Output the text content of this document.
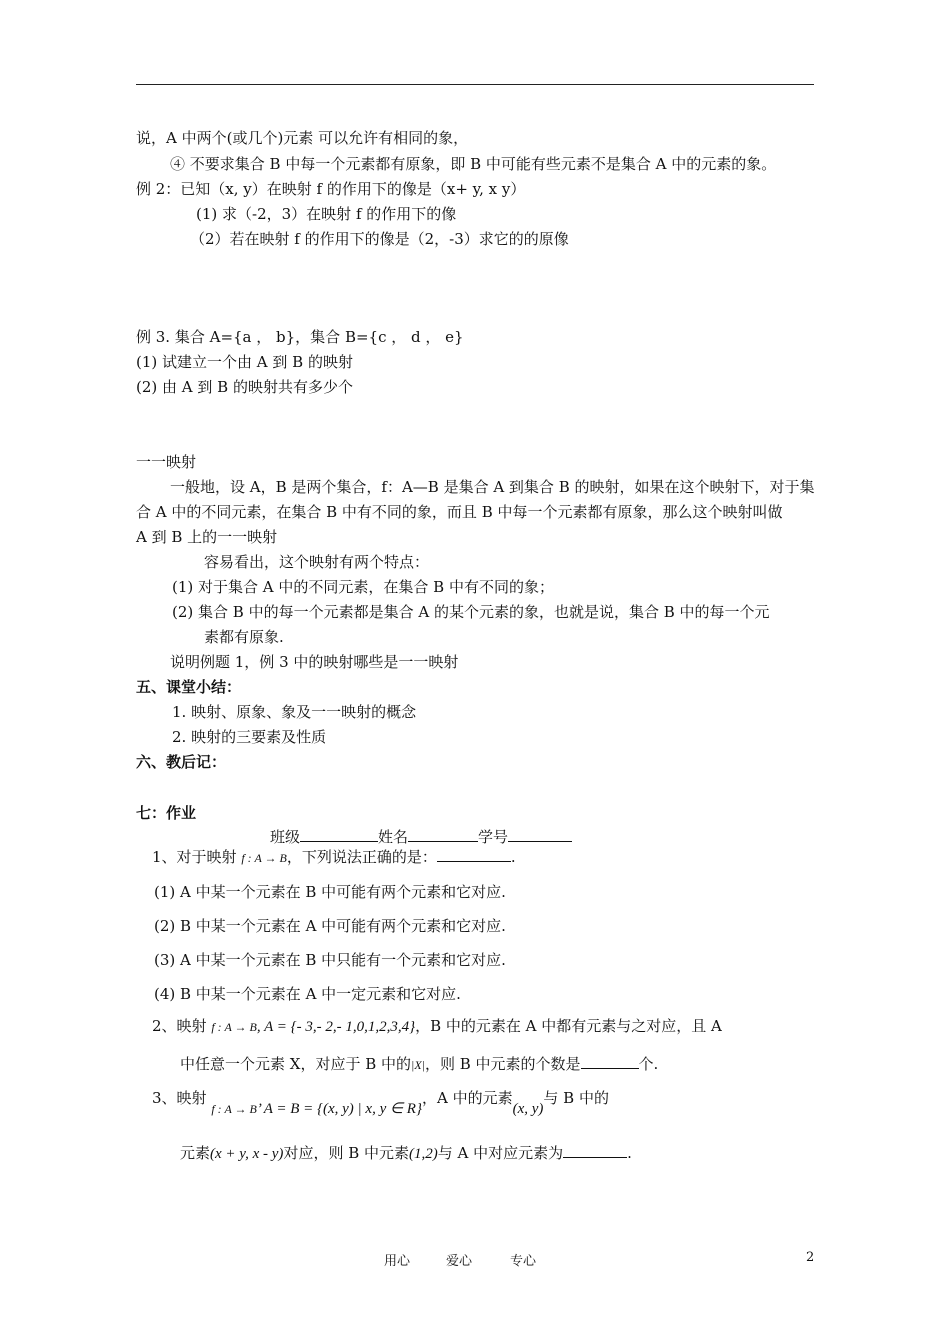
说，A 中两个(或几个)元素 可以允许有相同的象，
④ 不要求集合 B 中每一个元素都有原象，即 B 中可能有些元素不是集合 A 中的元素的象。
例 2：已知（x, y）在映射 f 的作用下的像是（x+ y, x y）
(1) 求（-2，3）在映射 f 的作用下的像
（2）若在映射 f 的作用下的像是（2，-3）求它的的原像
例 3. 集合 A={a ， b}，集合 B={c ， d ， e}
(1) 试建立一个由 A 到 B 的映射
(2) 由 A 到 B 的映射共有多少个
一一映射
一般地，设 A，B 是两个集合，f：A—B 是集合 A 到集合 B 的映射，如果在这个映射下，对于集
合 A 中的不同元素，在集合 B 中有不同的象，而且 B 中每一个元素都有原象，那么这个映射叫做
A 到 B 上的一一映射
容易看出，这个映射有两个特点：
(1) 对于集合 A 中的不同元素，在集合 B 中有不同的象；
(2) 集合 B 中的每一个元素都是集合 A 的某个元素的象，也就是说，集合 B 中的每一个元
素都有原象.
说明例题 1，例 3 中的映射哪些是一一映射
五、课堂小结：
1. 映射、原象、象及一一映射的概念
2. 映射的三要素及性质
六、教后记：
七：作业
班级	姓名	学号
1、对于映射 f : A → B，下列说法正确的是：	.
(1) A 中某一个元素在 B 中可能有两个元素和它对应.
(2) B 中某一个元素在 A 中可能有两个元素和它对应.
(3) A 中某一个元素在 B 中只能有一个元素和它对应.
(4) B 中某一个元素在 A 中一定元素和它对应.
2、映射 f : A → B, A = {- 3,- 2,- 1,0,1,2,3,4}，B 中的元素在 A 中都有元素与之对应，且 A
中任意一个元素 X，对应于 B 中的|X|，则 B 中元素的个数是	个.
3、映射 $_{f : A \to B}$’ A = B = {(x, y) | x, y ∈ R}，A 中的元素(x, y)与 B 中的
元素(x + y, x - y)对应，则 B 中元素(1,2)与 A 中对应元素为	.
用心	爱心	专心	2
